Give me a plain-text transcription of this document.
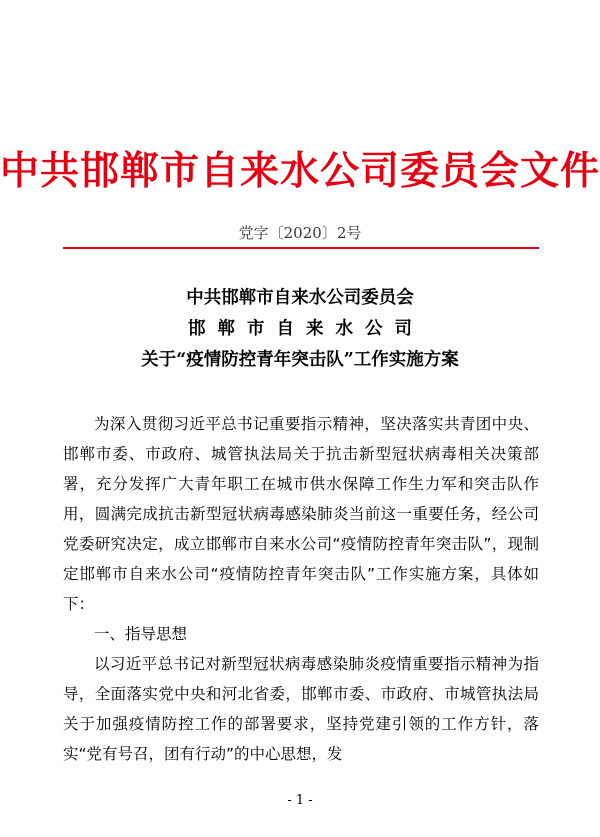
中共邯郸市自来水公司委员会文件
党字〔2020〕2号
中共邯郸市自来水公司委员会
邯郸市自来水公司
关于“疫情防控青年突击队”工作实施方案

为深入贯彻习近平总书记重要指示精神，坚决落实共青团中央、邯郸市委、市政府、城管执法局关于抗击新型冠状病毒相关决策部署，充分发挥广大青年职工在城市供水保障工作生力军和突击队作用，圆满完成抗击新型冠状病毒感染肺炎当前这一重要任务，经公司党委研究决定，成立邯郸市自来水公司“疫情防控青年突击队”，现制定邯郸市自来水公司“疫情防控青年突击队”工作实施方案，具体如下：

一、指导思想

以习近平总书记对新型冠状病毒感染肺炎疫情重要指示精神为指导，全面落实党中央和河北省委，邯郸市委、市政府、市城管执法局关于加强疫情防控工作的部署要求，坚持党建引领的工作方针，落实“党有号召，团有行动”的中心思想，发

- 1 -
